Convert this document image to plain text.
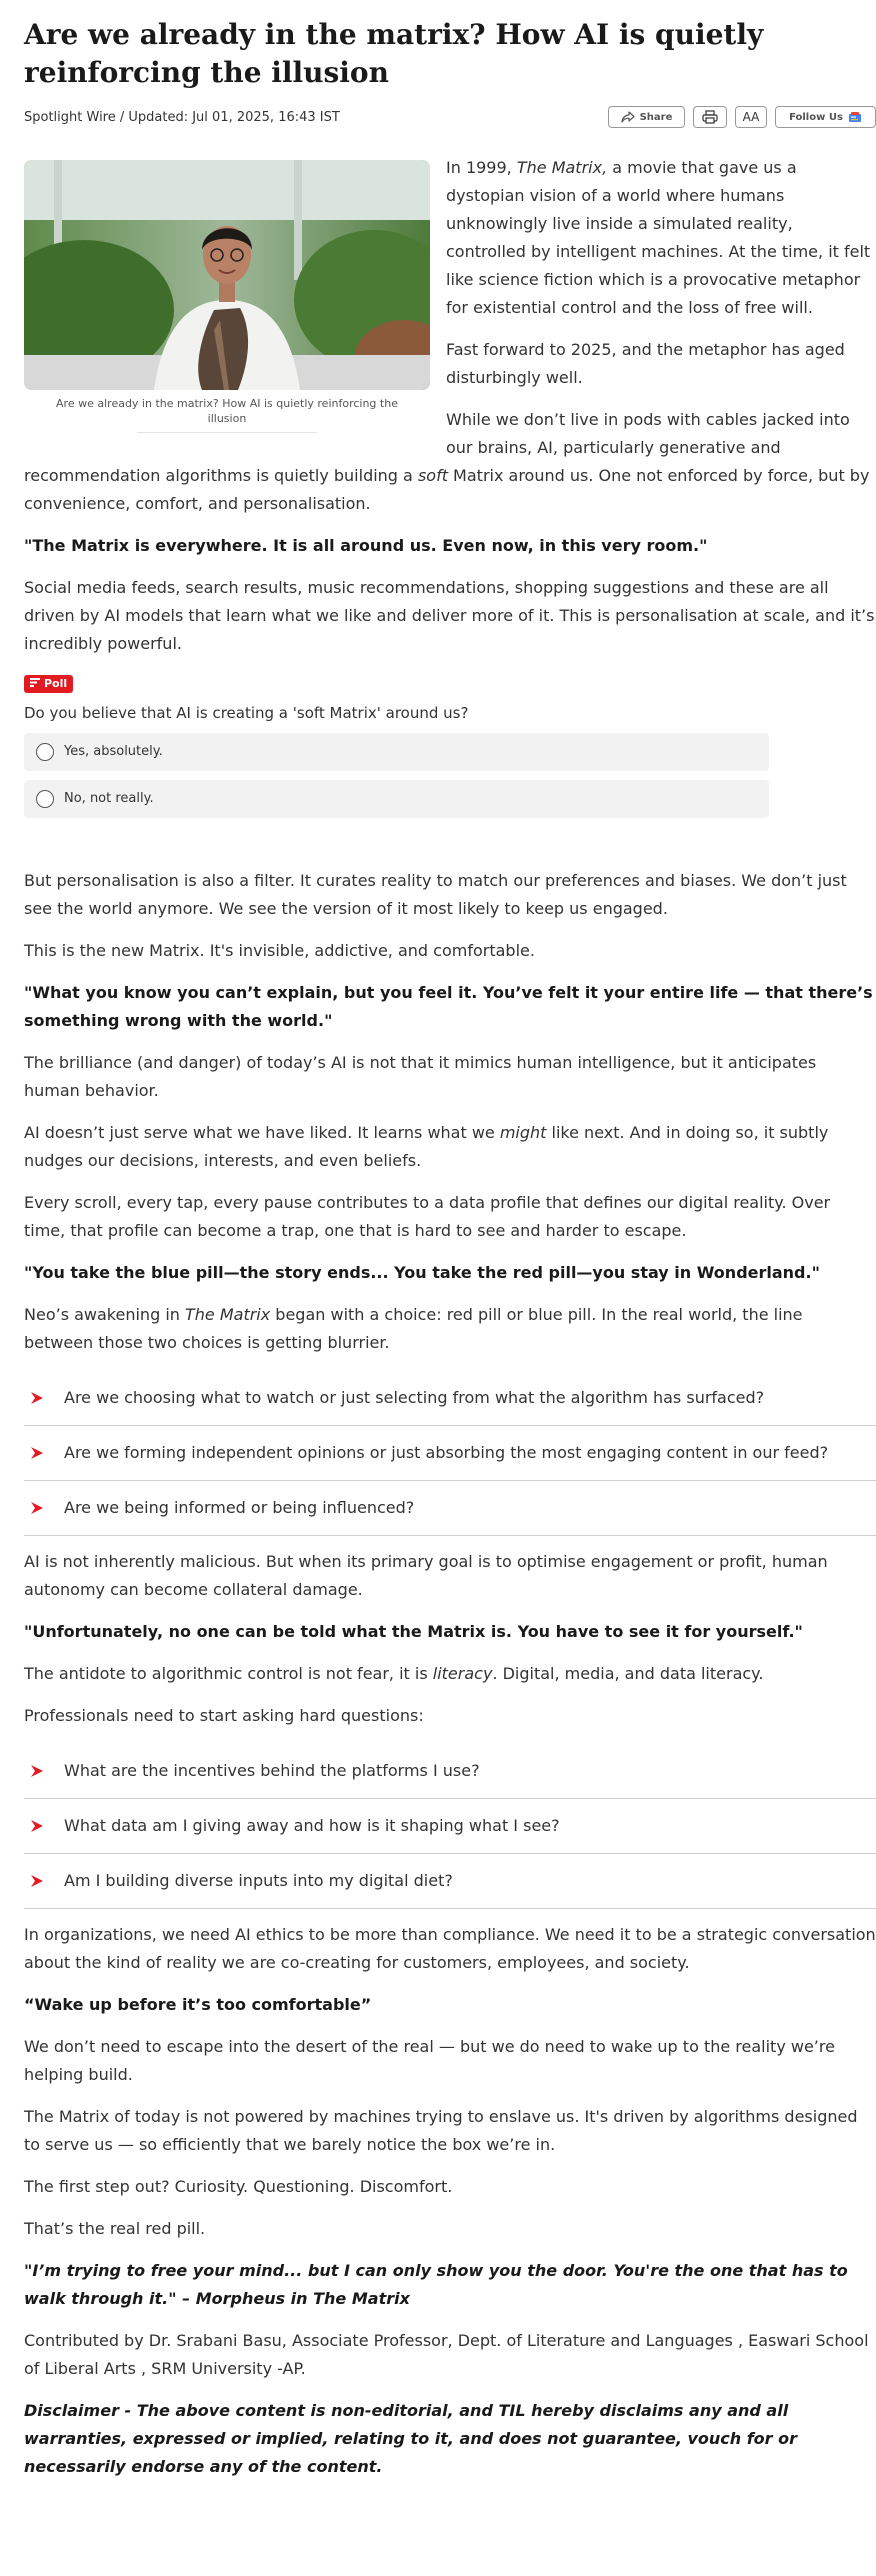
Are we already in the matrix? How AI is quietly reinforcing the illusion
Spotlight Wire / Updated: Jul 01, 2025, 16:43 IST	Share	AA	Follow Us
Are we already in the matrix? How AI is quietly reinforcing the illusion

In 1999, The Matrix, a movie that gave us a dystopian vision of a world where humans unknowingly live inside a simulated reality, controlled by intelligent machines. At the time, it felt like science fiction which is a provocative metaphor for existential control and the loss of free will.

Fast forward to 2025, and the metaphor has aged disturbingly well.

While we don’t live in pods with cables jacked into our brains, AI, particularly generative and recommendation algorithms is quietly building a soft Matrix around us. One not enforced by force, but by convenience, comfort, and personalisation.

"The Matrix is everywhere. It is all around us. Even now, in this very room."

Social media feeds, search results, music recommendations, shopping suggestions and these are all driven by AI models that learn what we like and deliver more of it. This is personalisation at scale, and it’s incredibly powerful.

Poll
Do you believe that AI is creating a 'soft Matrix' around us?
Yes, absolutely.
No, not really.

But personalisation is also a filter. It curates reality to match our preferences and biases. We don’t just see the world anymore. We see the version of it most likely to keep us engaged.

This is the new Matrix. It's invisible, addictive, and comfortable.

"What you know you can’t explain, but you feel it. You’ve felt it your entire life — that there’s something wrong with the world."

The brilliance (and danger) of today’s AI is not that it mimics human intelligence, but it anticipates human behavior.

AI doesn’t just serve what we have liked. It learns what we might like next. And in doing so, it subtly nudges our decisions, interests, and even beliefs.

Every scroll, every tap, every pause contributes to a data profile that defines our digital reality. Over time, that profile can become a trap, one that is hard to see and harder to escape.

"You take the blue pill—the story ends... You take the red pill—you stay in Wonderland."

Neo’s awakening in The Matrix began with a choice: red pill or blue pill. In the real world, the line between those two choices is getting blurrier.

Are we choosing what to watch or just selecting from what the algorithm has surfaced?
Are we forming independent opinions or just absorbing the most engaging content in our feed?
Are we being informed or being influenced?

AI is not inherently malicious. But when its primary goal is to optimise engagement or profit, human autonomy can become collateral damage.

"Unfortunately, no one can be told what the Matrix is. You have to see it for yourself."

The antidote to algorithmic control is not fear, it is literacy. Digital, media, and data literacy.

Professionals need to start asking hard questions:

What are the incentives behind the platforms I use?
What data am I giving away and how is it shaping what I see?
Am I building diverse inputs into my digital diet?

In organizations, we need AI ethics to be more than compliance. We need it to be a strategic conversation about the kind of reality we are co-creating for customers, employees, and society.

“Wake up before it’s too comfortable”

We don’t need to escape into the desert of the real — but we do need to wake up to the reality we’re helping build.

The Matrix of today is not powered by machines trying to enslave us. It's driven by algorithms designed to serve us — so efficiently that we barely notice the box we’re in.

The first step out? Curiosity. Questioning. Discomfort.

That’s the real red pill.

"I’m trying to free your mind... but I can only show you the door. You're the one that has to walk through it." – Morpheus in The Matrix

Contributed by Dr. Srabani Basu, Associate Professor, Dept. of Literature and Languages , Easwari School of Liberal Arts , SRM University -AP.

Disclaimer - The above content is non-editorial, and TIL hereby disclaims any and all warranties, expressed or implied, relating to it, and does not guarantee, vouch for or necessarily endorse any of the content.
